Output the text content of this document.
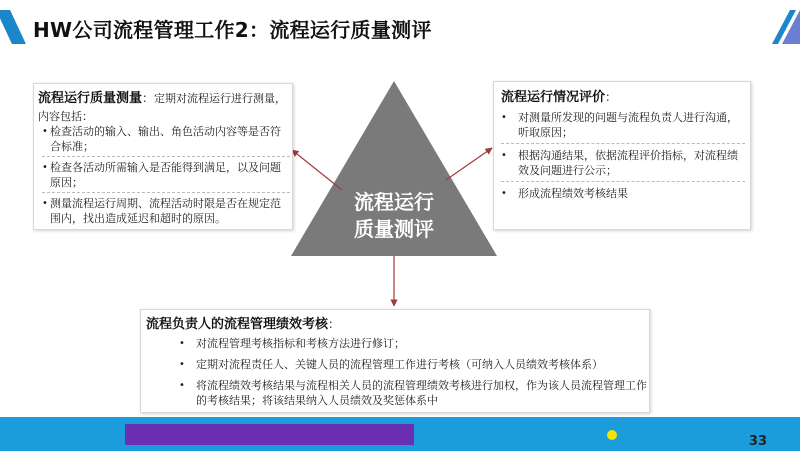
HW公司流程管理工作2：流程运行质量测评
流程运行
质量测评
流程运行质量测量：定期对流程运行进行测量，内容包括：
• 检查活动的输入、输出、角色活动内容等是否符合标准；
• 检查各活动所需输入是否能得到满足，以及问题原因；
• 测量流程运行周期、流程活动时限是否在规定范围内，找出造成延迟和超时的原因。
流程运行情况评价：
• 对测量所发现的问题与流程负责人进行沟通，听取原因；
• 根据沟通结果，依据流程评价指标，对流程绩效及问题进行公示；
• 形成流程绩效考核结果
流程负责人的流程管理绩效考核：
• 对流程管理考核指标和考核方法进行修订；
• 定期对流程责任人、关键人员的流程管理工作进行考核（可纳入人员绩效考核体系）
• 将流程绩效考核结果与流程相关人员的流程管理绩效考核进行加权，作为该人员流程管理工作的考核结果；将该结果纳入人员绩效及奖惩体系中
33
